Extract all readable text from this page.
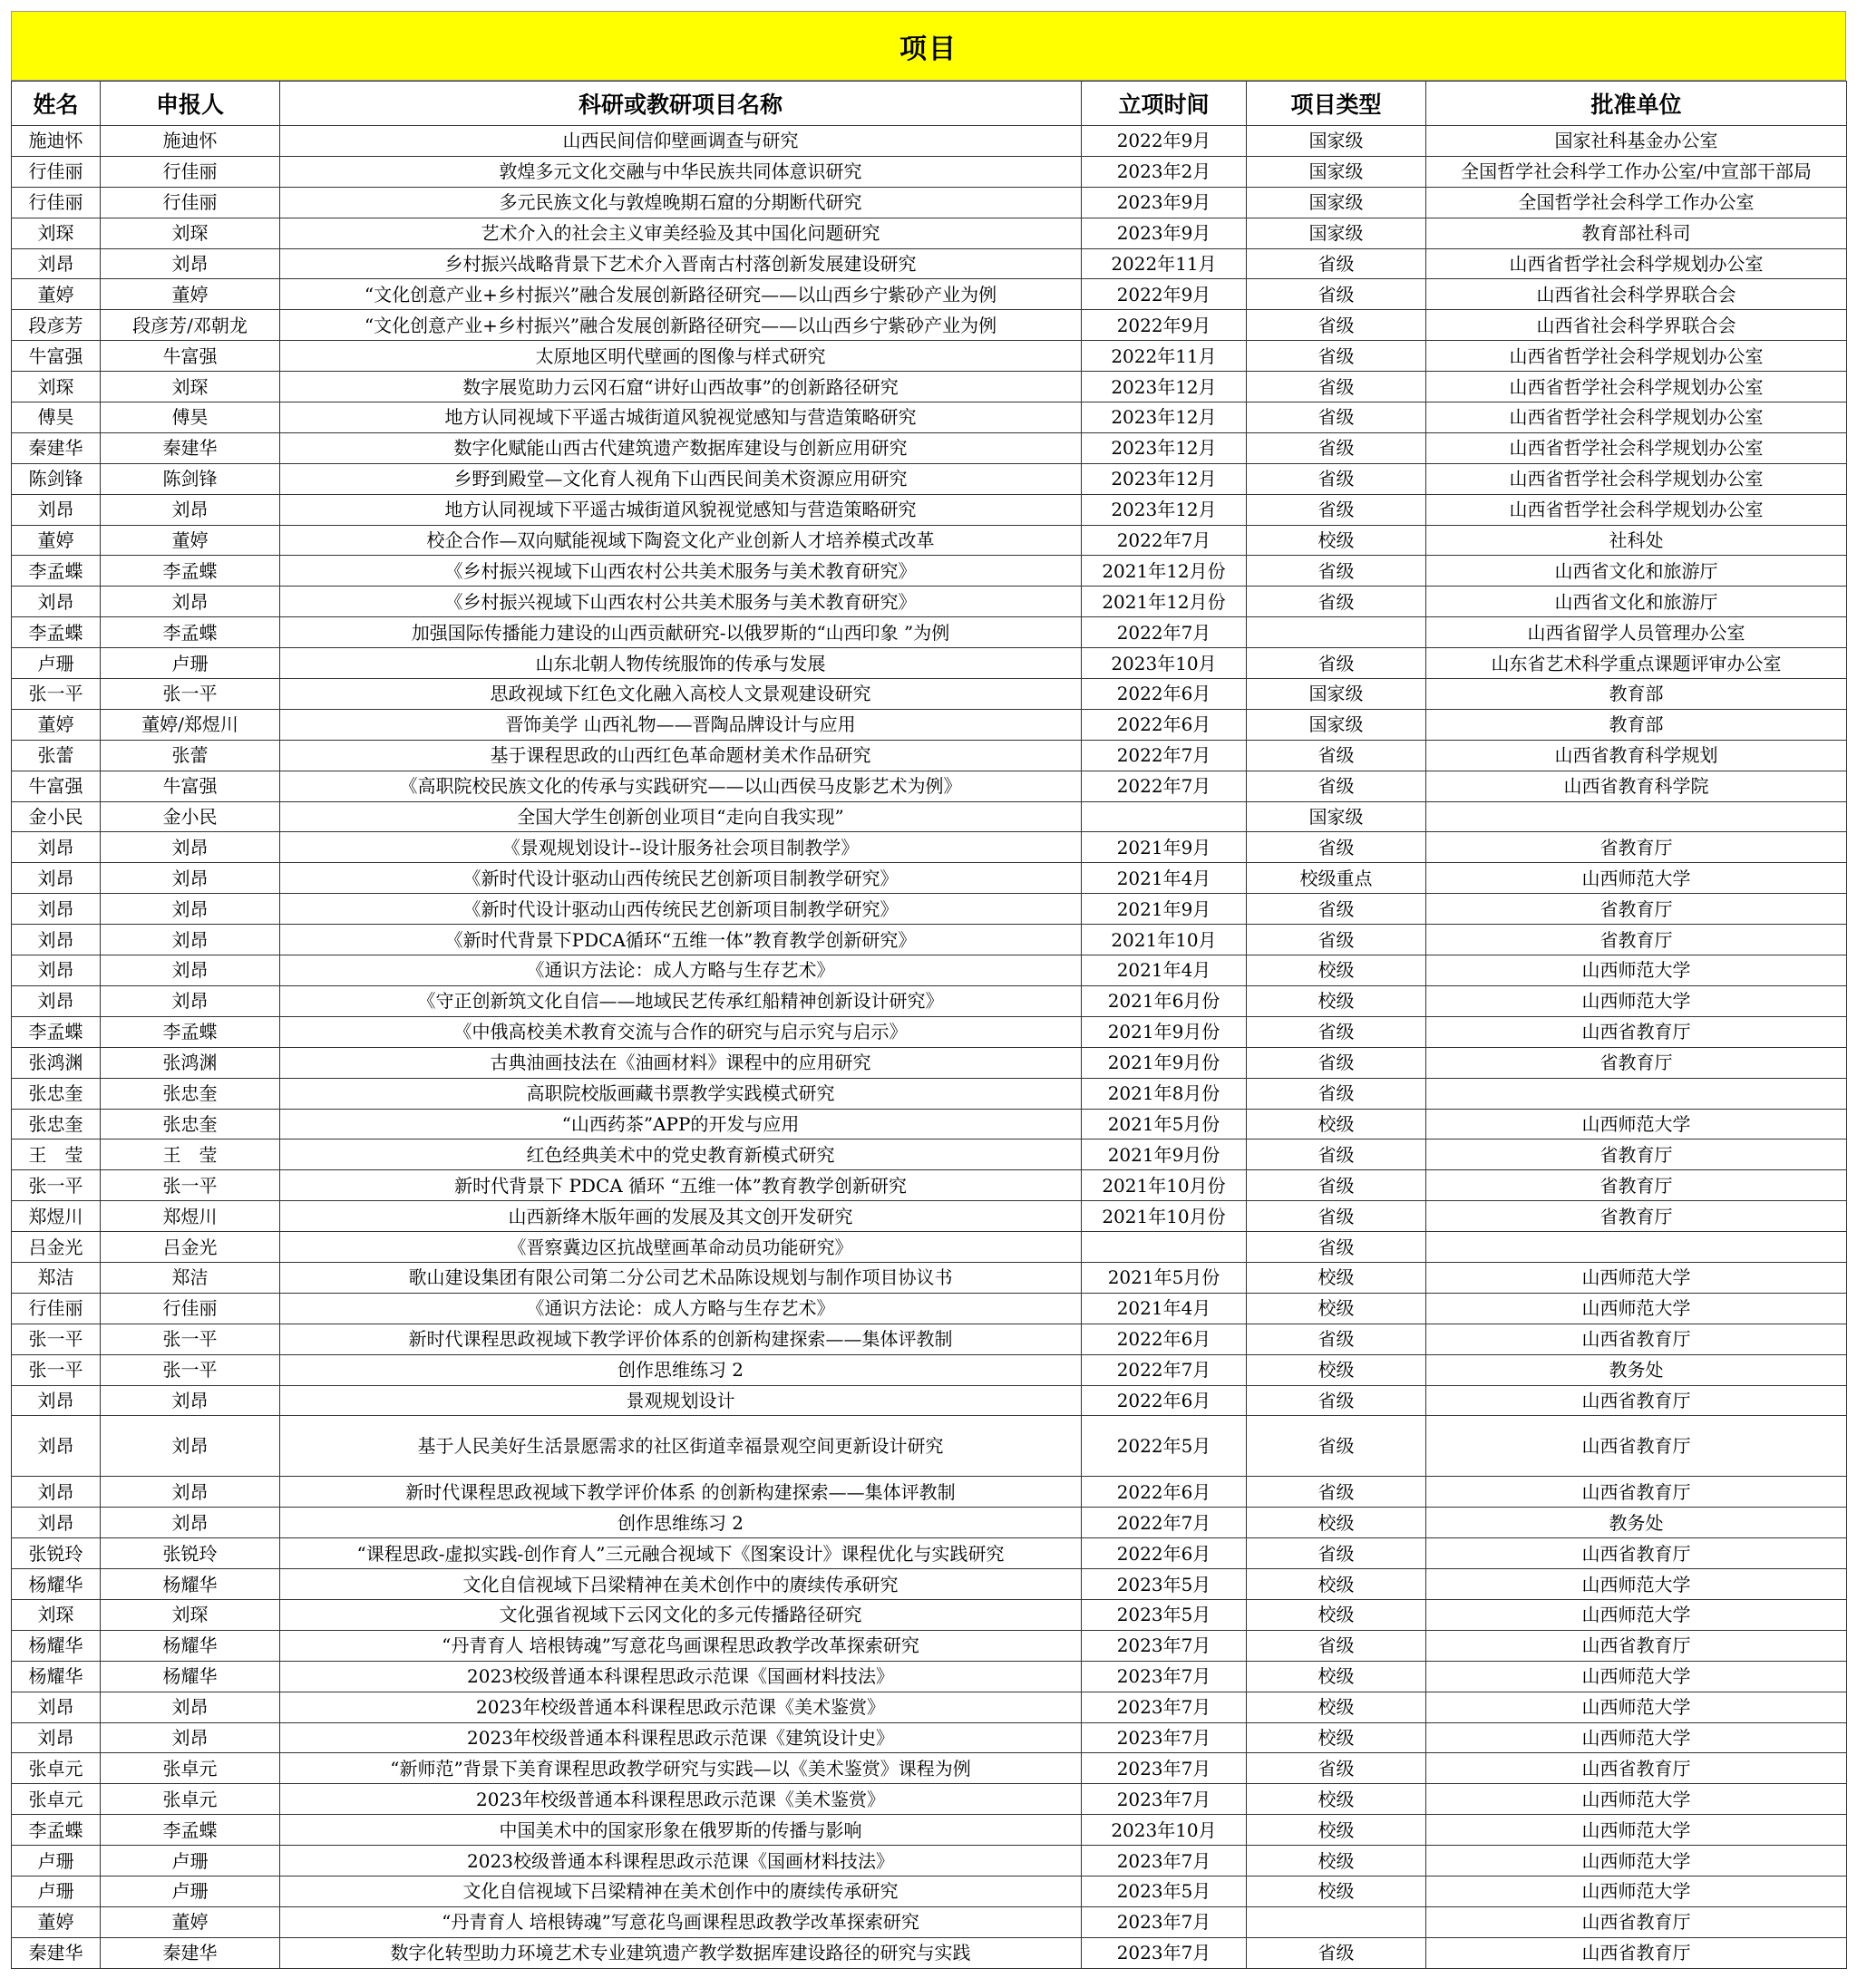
项目
姓名	申报人	科研或教研项目名称	立项时间	项目类型	批准单位
施迪怀	施迪怀	山西民间信仰壁画调查与研究	2022年9月	国家级	国家社科基金办公室
行佳丽	行佳丽	敦煌多元文化交融与中华民族共同体意识研究	2023年2月	国家级	全国哲学社会科学工作办公室/中宣部干部局
行佳丽	行佳丽	多元民族文化与敦煌晚期石窟的分期断代研究	2023年9月	国家级	全国哲学社会科学工作办公室
刘琛	刘琛	艺术介入的社会主义审美经验及其中国化问题研究	2023年9月	国家级	教育部社科司
刘昂	刘昂	乡村振兴战略背景下艺术介入晋南古村落创新发展建设研究	2022年11月	省级	山西省哲学社会科学规划办公室
董婷	董婷	“文化创意产业+乡村振兴”融合发展创新路径研究——以山西乡宁紫砂产业为例	2022年9月	省级	山西省社会科学界联合会
段彦芳	段彦芳/邓朝龙	“文化创意产业+乡村振兴”融合发展创新路径研究——以山西乡宁紫砂产业为例	2022年9月	省级	山西省社会科学界联合会
牛富强	牛富强	太原地区明代壁画的图像与样式研究	2022年11月	省级	山西省哲学社会科学规划办公室
刘琛	刘琛	数字展览助力云冈石窟“讲好山西故事”的创新路径研究	2023年12月	省级	山西省哲学社会科学规划办公室
傅昊	傅昊	地方认同视域下平遥古城街道风貌视觉感知与营造策略研究	2023年12月	省级	山西省哲学社会科学规划办公室
秦建华	秦建华	数字化赋能山西古代建筑遗产数据库建设与创新应用研究	2023年12月	省级	山西省哲学社会科学规划办公室
陈剑锋	陈剑锋	乡野到殿堂—文化育人视角下山西民间美术资源应用研究	2023年12月	省级	山西省哲学社会科学规划办公室
刘昂	刘昂	地方认同视域下平遥古城街道风貌视觉感知与营造策略研究	2023年12月	省级	山西省哲学社会科学规划办公室
董婷	董婷	校企合作—双向赋能视域下陶瓷文化产业创新人才培养模式改革	2022年7月	校级	社科处
李孟蝶	李孟蝶	《乡村振兴视域下山西农村公共美术服务与美术教育研究》	2021年12月份	省级	山西省文化和旅游厅
刘昂	刘昂	《乡村振兴视域下山西农村公共美术服务与美术教育研究》	2021年12月份	省级	山西省文化和旅游厅
李孟蝶	李孟蝶	加强国际传播能力建设的山西贡献研究-以俄罗斯的“山西印象 ”为例	2022年7月		山西省留学人员管理办公室
卢珊	卢珊	山东北朝人物传统服饰的传承与发展	2023年10月	省级	山东省艺术科学重点课题评审办公室
张一平	张一平	思政视域下红色文化融入高校人文景观建设研究	2022年6月	国家级	教育部
董婷	董婷/郑煜川	晋饰美学 山西礼物——晋陶品牌设计与应用	2022年6月	国家级	教育部
张蕾	张蕾	基于课程思政的山西红色革命题材美术作品研究	2022年7月	省级	山西省教育科学规划
牛富强	牛富强	《高职院校民族文化的传承与实践研究——以山西侯马皮影艺术为例》	2022年7月	省级	山西省教育科学院
金小民	金小民	全国大学生创新创业项目“走向自我实现”		国家级	
刘昂	刘昂	《景观规划设计--设计服务社会项目制教学》	2021年9月	省级	省教育厅
刘昂	刘昂	《新时代设计驱动山西传统民艺创新项目制教学研究》	2021年4月	校级重点	山西师范大学
刘昂	刘昂	《新时代设计驱动山西传统民艺创新项目制教学研究》	2021年9月	省级	省教育厅
刘昂	刘昂	《新时代背景下PDCA循环“五维一体”教育教学创新研究》	2021年10月	省级	省教育厅
刘昂	刘昂	《通识方法论：成人方略与生存艺术》	2021年4月	校级	山西师范大学
刘昂	刘昂	《守正创新筑文化自信——地域民艺传承红船精神创新设计研究》	2021年6月份	校级	山西师范大学
李孟蝶	李孟蝶	《中俄高校美术教育交流与合作的研究与启示究与启示》	2021年9月份	省级	山西省教育厅
张鸿渊	张鸿渊	古典油画技法在《油画材料》课程中的应用研究	2021年9月份	省级	省教育厅
张忠奎	张忠奎	高职院校版画藏书票教学实践模式研究	2021年8月份	省级	
张忠奎	张忠奎	“山西药茶”APP的开发与应用	2021年5月份	校级	山西师范大学
王　莹	王　莹	红色经典美术中的党史教育新模式研究	2021年9月份	省级	省教育厅
张一平	张一平	新时代背景下 PDCA 循环 “五维一体”教育教学创新研究	2021年10月份	省级	省教育厅
郑煜川	郑煜川	山西新绛木版年画的发展及其文创开发研究	2021年10月份	省级	省教育厅
吕金光	吕金光	《晋察冀边区抗战壁画革命动员功能研究》		省级	
郑洁	郑洁	歌山建设集团有限公司第二分公司艺术品陈设规划与制作项目协议书	2021年5月份	校级	山西师范大学
行佳丽	行佳丽	《通识方法论：成人方略与生存艺术》	2021年4月	校级	山西师范大学
张一平	张一平	新时代课程思政视域下教学评价体系的创新构建探索——集体评教制	2022年6月	省级	山西省教育厅
张一平	张一平	创作思维练习 2	2022年7月	校级	教务处
刘昂	刘昂	景观规划设计	2022年6月	省级	山西省教育厅
刘昂	刘昂	基于人民美好生活景愿需求的社区街道幸福景观空间更新设计研究	2022年5月	省级	山西省教育厅
刘昂	刘昂	新时代课程思政视域下教学评价体系 的创新构建探索——集体评教制	2022年6月	省级	山西省教育厅
刘昂	刘昂	创作思维练习 2	2022年7月	校级	教务处
张锐玲	张锐玲	“课程思政-虚拟实践-创作育人”三元融合视域下《图案设计》课程优化与实践研究	2022年6月	省级	山西省教育厅
杨耀华	杨耀华	文化自信视域下吕梁精神在美术创作中的赓续传承研究	2023年5月	校级	山西师范大学
刘琛	刘琛	文化强省视域下云冈文化的多元传播路径研究	2023年5月	校级	山西师范大学
杨耀华	杨耀华	“丹青育人 培根铸魂”写意花鸟画课程思政教学改革探索研究	2023年7月	省级	山西省教育厅
杨耀华	杨耀华	2023校级普通本科课程思政示范课《国画材料技法》	2023年7月	校级	山西师范大学
刘昂	刘昂	2023年校级普通本科课程思政示范课《美术鉴赏》	2023年7月	校级	山西师范大学
刘昂	刘昂	2023年校级普通本科课程思政示范课《建筑设计史》	2023年7月	校级	山西师范大学
张卓元	张卓元	“新师范”背景下美育课程思政教学研究与实践—以《美术鉴赏》课程为例	2023年7月	省级	山西省教育厅
张卓元	张卓元	2023年校级普通本科课程思政示范课《美术鉴赏》	2023年7月	校级	山西师范大学
李孟蝶	李孟蝶	中国美术中的国家形象在俄罗斯的传播与影响	2023年10月	校级	山西师范大学
卢珊	卢珊	2023校级普通本科课程思政示范课《国画材料技法》	2023年7月	校级	山西师范大学
卢珊	卢珊	文化自信视域下吕梁精神在美术创作中的赓续传承研究	2023年5月	校级	山西师范大学
董婷	董婷	“丹青育人 培根铸魂”写意花鸟画课程思政教学改革探索研究	2023年7月		山西省教育厅
秦建华	秦建华	数字化转型助力环境艺术专业建筑遗产教学数据库建设路径的研究与实践	2023年7月	省级	山西省教育厅
